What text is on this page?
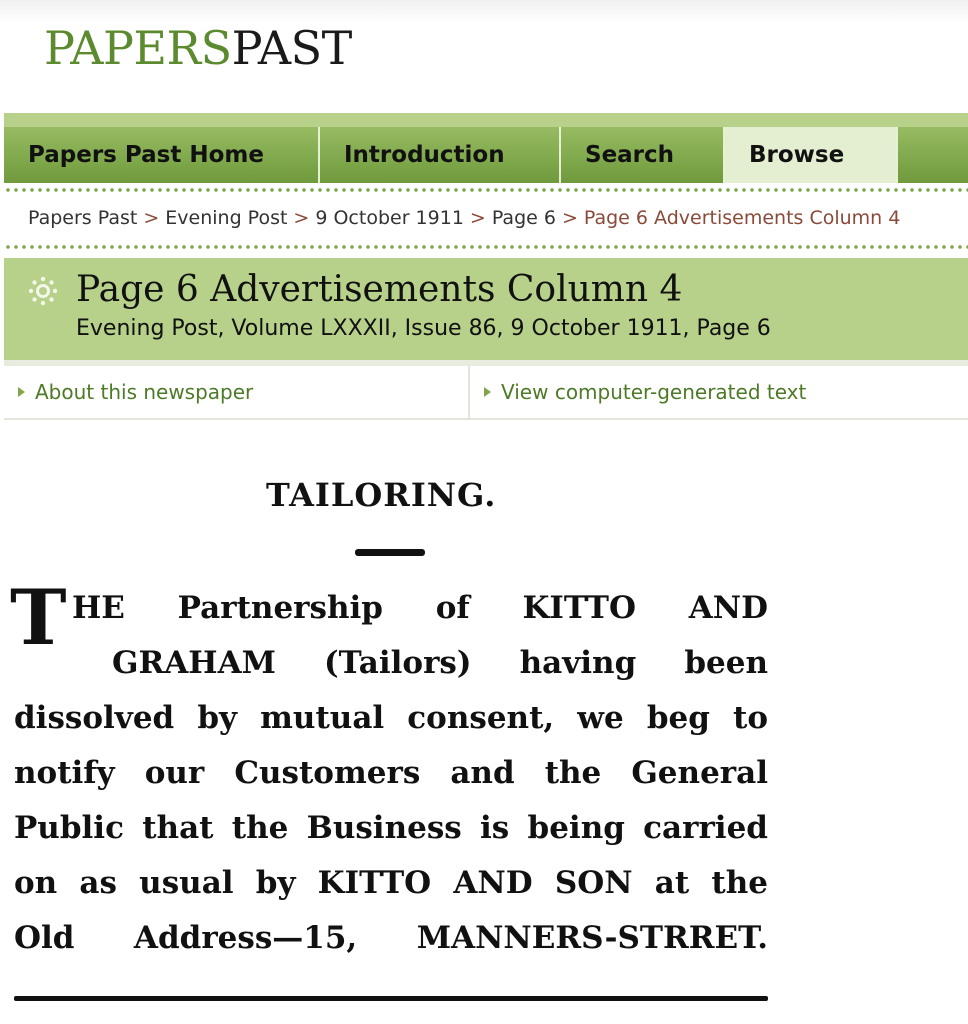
PAPERSPAST
Papers Past Home	Introduction	Search	Browse
Papers Past > Evening Post > 9 October 1911 > Page 6 > Page 6 Advertisements Column 4
Page 6 Advertisements Column 4
Evening Post, Volume LXXXII, Issue 86, 9 October 1911, Page 6
About this newspaper	View computer-generated text
TAILORING.
T HE Partnership of KITTO AND
GRAHAM (Tailors) having been
dissolved by mutual consent, we beg to
notify our Customers and the General
Public that the Business is being carried
on as usual by KITTO AND SON at the
Old Address—15, MANNERS-STRRET.
